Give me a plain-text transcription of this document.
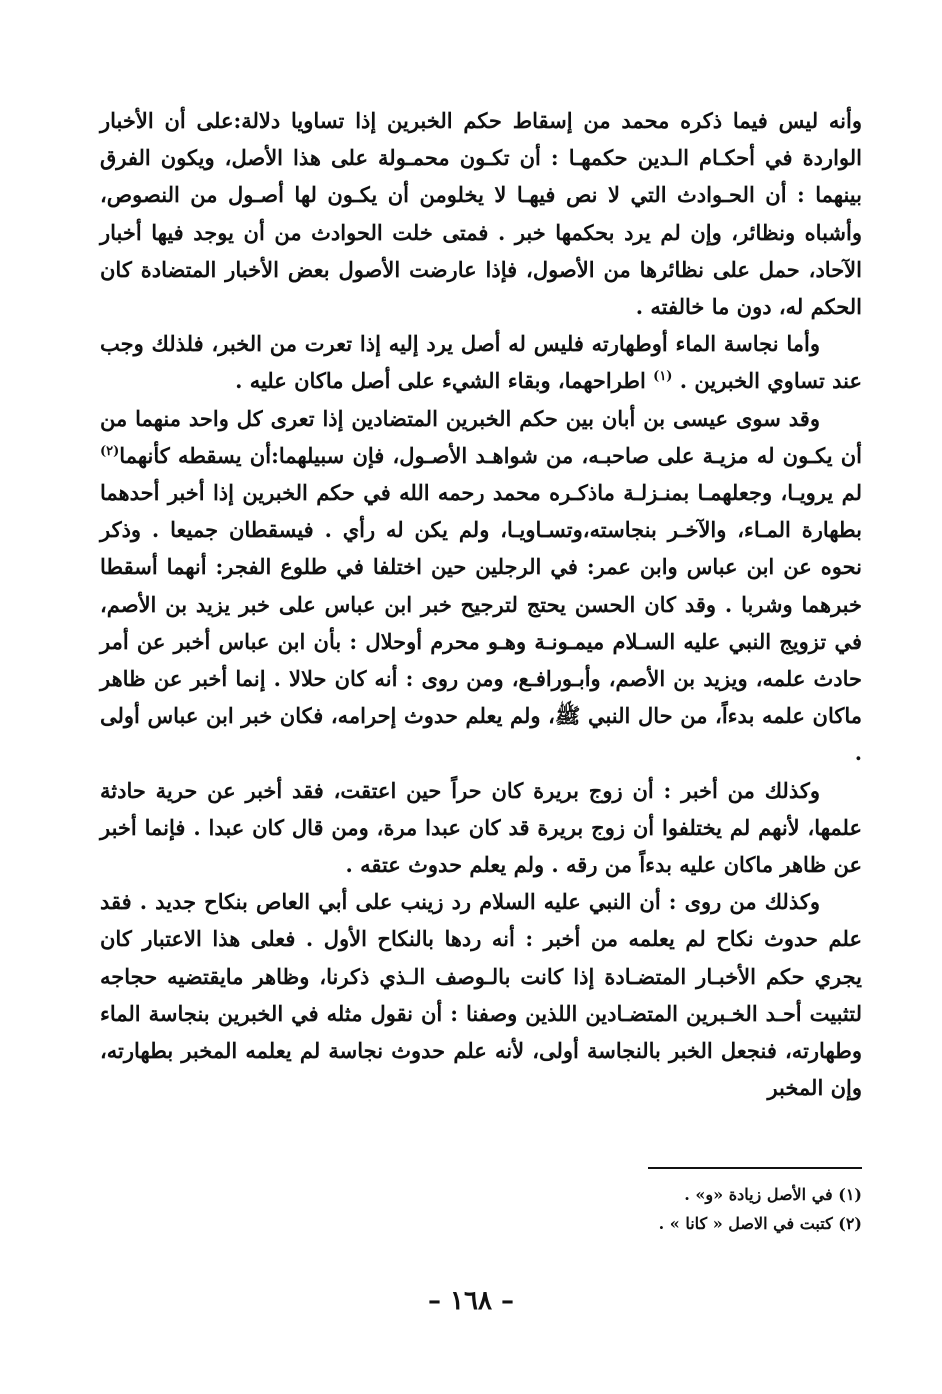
وأنه ليس فيما ذكره محمد من إسقاط حكم الخبرين إذا تساويا دلالة:على أن الأخبار الواردة في أحكـام الـدين حكمهـا : أن تكـون محمـولة على هذا الأصل، ويكون الفرق بينهما : أن الحـوادث التي لا نص فيهـا لا يخلومن أن يكـون لها أصـول من النصوص، وأشباه ونظائر، وإن لم يرد بحكمها خبر . فمتى خلت الحوادث من أن يوجد فيها أخبار الآحاد، حمل على نظائرها من الأصول، فإذا عارضت الأصول بعض الأخبار المتضادة كان الحكم له، دون ما خالفته .

وأما نجاسة الماء أوطهارته فليس له أصل يرد إليه إذا تعرت من الخبر، فلذلك وجب عند تساوي الخبرين . $^{(١)}$ اطراحهما، وبقاء الشيء على أصل ماكان عليه .

وقد سوى عيسى بن أبان بين حكم الخبرين المتضادين إذا تعرى كل واحد منهما من أن يكـون له مزيـة على صاحبـه، من شواهـد الأصـول، فإن سبيلهما:أن يسقطه كأنهما$^{(٢)}$ لم يرويـا، وجعلهمـا بمنـزلـة ماذكـره محمد رحمه الله في حكم الخبرين إذا أخبر أحدهما بطهارة المـاء، والآخـر بنجاسته،وتسـاويـا، ولم يكن له رأي . فيسقطان جميعا . وذكر نحوه عن ابن عباس وابن عمر: في الرجلين حين اختلفا في طلوع الفجر: أنهما أسقطا خبرهما وشربا . وقد كان الحسن يحتج لترجيح خبر ابن عباس على خبر يزيد بن الأصم، في تزويج النبي عليه السـلام ميمـونـة وهـو محرم أوحلال : بأن ابن عباس أخبر عن أمر حادث علمه، ويزيد بن الأصم، وأبـورافـع، ومن روى : أنه كان حلالا . إنما أخبر عن ظاهر ماكان علمه بدءاً، من حال النبي ﷺ، ولم يعلم حدوث إحرامه، فكان خبر ابن عباس أولى .

وكذلك من أخبر : أن زوج بريرة كان حراً حين اعتقت، فقد أخبر عن حرية حادثة علمها، لأنهم لم يختلفوا أن زوج بريرة قد كان عبدا مرة، ومن قال كان عبدا . فإنما أخبر عن ظاهر ماكان عليه بدءاً من رقه . ولم يعلم حدوث عتقه .

وكذلك من روى : أن النبي عليه السلام رد زينب على أبي العاص بنكاح جديد . فقد علم حدوث نكاح لم يعلمه من أخبر : أنه ردها بالنكاح الأول . فعلى هذا الاعتبار كان يجري حكم الأخبـار المتضـادة إذا كانت بالـوصف الـذي ذكرنا، وظاهر مايقتضيه حجاجه لتثبيت أحـد الخـبرين المتضـادين اللذين وصفنا : أن نقول مثله في الخبرين بنجاسة الماء وطهارته، فنجعل الخبر بالنجاسة أولى، لأنه علم حدوث نجاسة لم يعلمه المخبر بطهارته، وإن المخبر

(١) في الأصل زيادة «و» .
(٢) كتبت في الاصل « كانا » .
– ١٦٨ –
